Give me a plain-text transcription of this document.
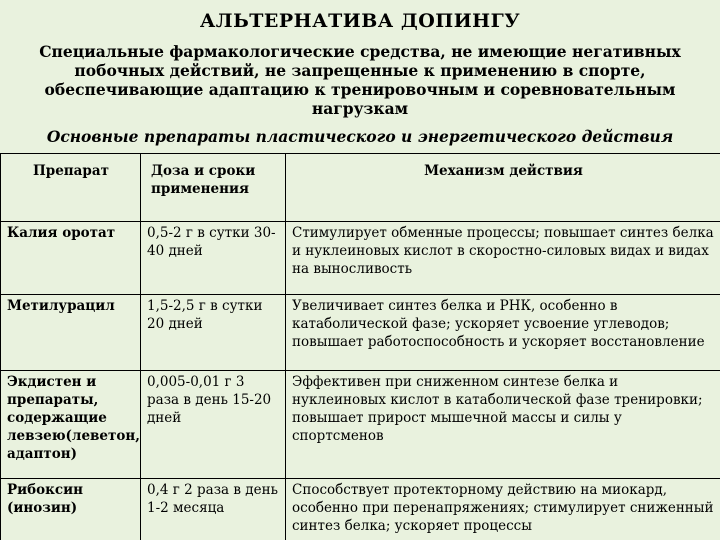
АЛЬТЕРНАТИВА ДОПИНГУ

Специальные фармакологические средства, не имеющие негативных побочных действий, не запрещенные к применению в спорте, обеспечивающие адаптацию к тренировочным и соревновательным нагрузкам

Основные препараты пластического и энергетического действия

Препарат	Доза и сроки применения	Механизм действия
Калия оротат	0,5-2 г в сутки 30-40 дней	Стимулирует обменные процессы; повышает синтез белка и нуклеиновых кислот в скоростно-силовых видах и видах на выносливость
Метилурацил	1,5-2,5 г в сутки 20 дней	Увеличивает синтез белка и РНК, особенно в катаболической фазе; ускоряет усвоение углеводов; повышает работоспособность и ускоряет восстановление
Экдистен и препараты, содержащие левзею(леветон, адаптон)	0,005-0,01 г 3 раза в день 15-20 дней	Эффективен при сниженном синтезе белка и нуклеиновых кислот в катаболической фазе тренировки; повышает прирост мышечной массы и силы у спортсменов
Рибоксин (инозин)	0,4 г 2 раза в день 1-2 месяца	Способствует протекторному действию на миокард, особенно при перенапряжениях; стимулирует сниженный синтез белка; ускоряет процессы
